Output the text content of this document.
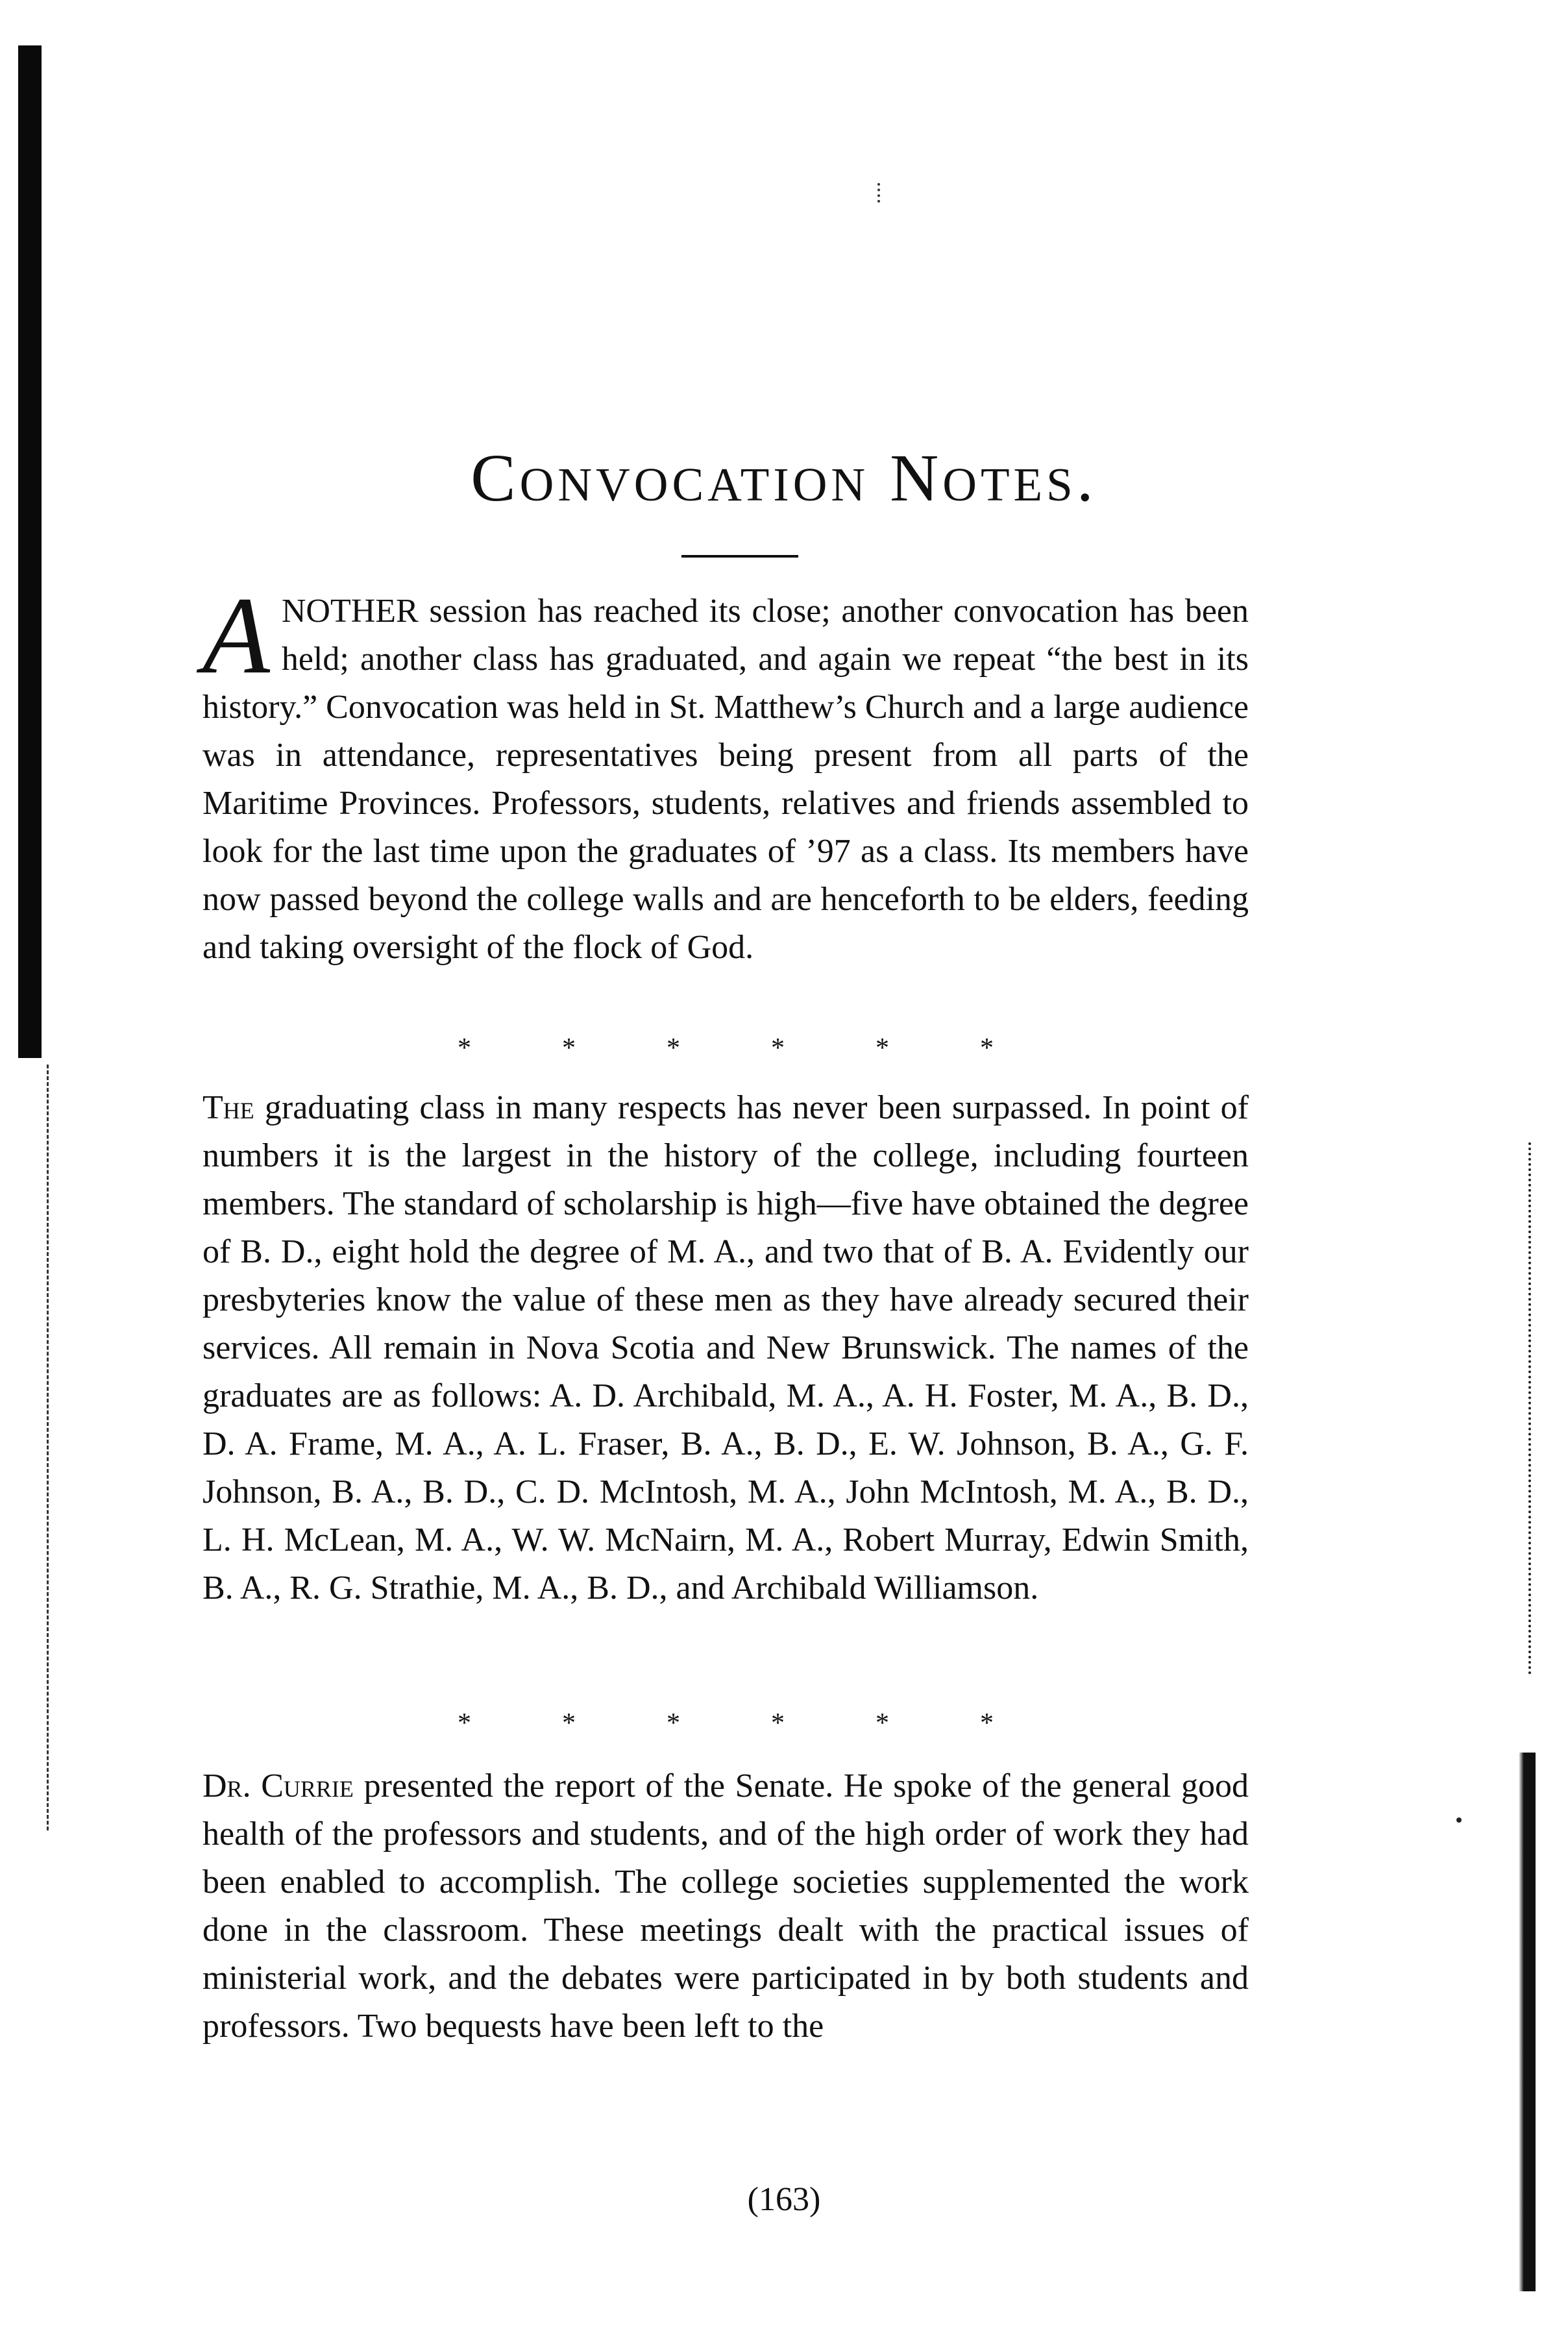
Convocation Notes.

ANOTHER session has reached its close; another convocation has been held; another class has graduated, and again we repeat “the best in its history.” Convocation was held in St. Matthew’s Church and a large audience was in attendance, representatives being present from all parts of the Maritime Provinces. Professors, students, relatives and friends assembled to look for the last time upon the graduates of ’97 as a class. Its members have now passed beyond the college walls and are henceforth to be elders, feeding and taking oversight of the flock of God.

*	*	*	*	*	*

The graduating class in many respects has never been surpassed. In point of numbers it is the largest in the history of the college, including fourteen members. The standard of scholarship is high—five have obtained the degree of B. D., eight hold the degree of M. A., and two that of B. A. Evidently our presbyteries know the value of these men as they have already secured their services. All remain in Nova Scotia and New Brunswick. The names of the graduates are as follows: A. D. Archibald, M. A., A. H. Foster, M. A., B. D., D. A. Frame, M. A., A. L. Fraser, B. A., B. D., E. W. Johnson, B. A., G. F. Johnson, B. A., B. D., C. D. McIntosh, M. A., John McIntosh, M. A., B. D., L. H. McLean, M. A., W. W. McNairn, M. A., Robert Murray, Edwin Smith, B. A., R. G. Strathie, M. A., B. D., and Archibald Williamson.

*	*	*	*	*	*

Dr. Currie presented the report of the Senate. He spoke of the general good health of the professors and students, and of the high order of work they had been enabled to accomplish. The college societies supplemented the work done in the classroom. These meetings dealt with the practical issues of ministerial work, and the debates were participated in by both students and professors. Two bequests have been left to the

(163)
